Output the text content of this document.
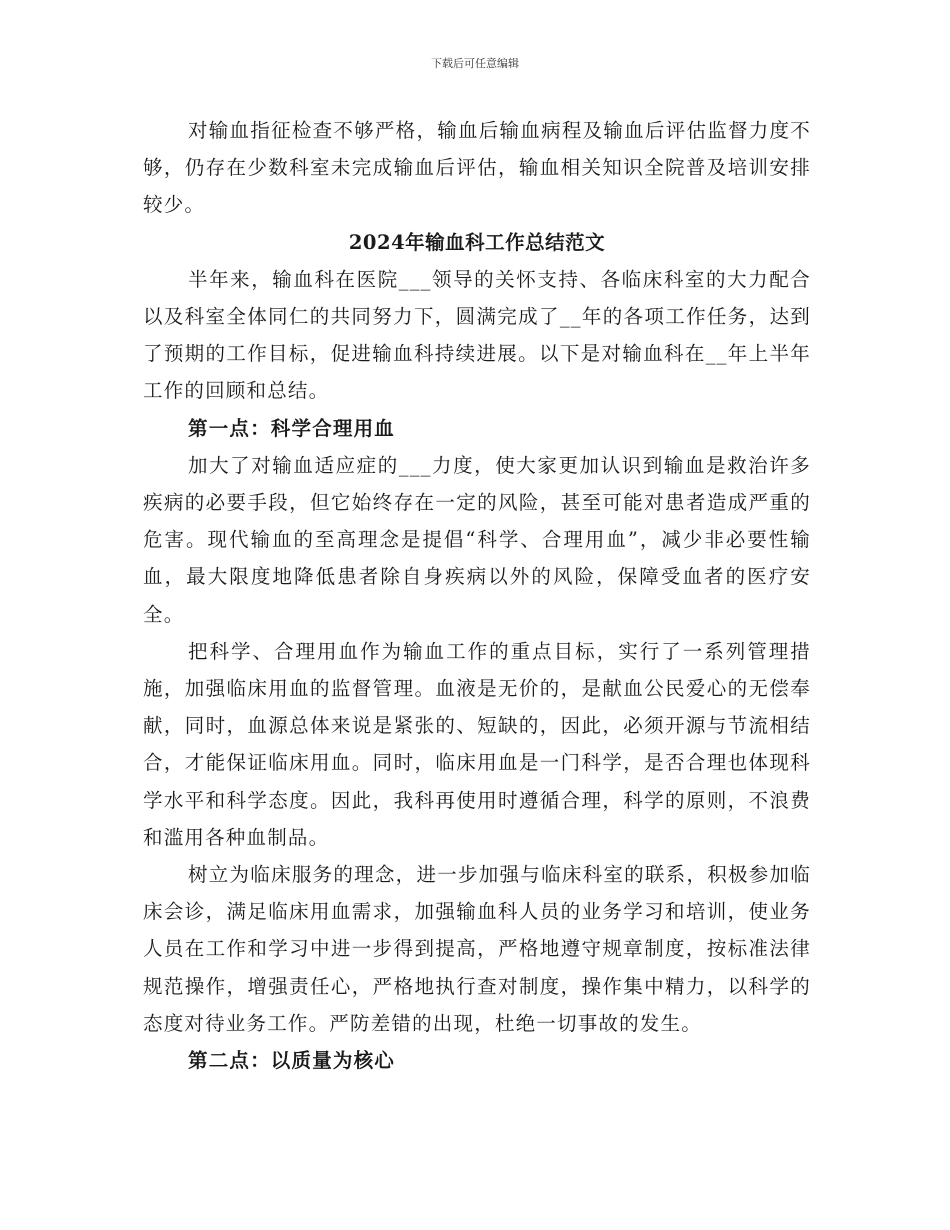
下载后可任意编辑

对输血指征检查不够严格，输血后输血病程及输血后评估监督力度不够，仍存在少数科室未完成输血后评估，输血相关知识全院普及培训安排较少。

2024年输血科工作总结范文

半年来，输血科在医院___领导的关怀支持、各临床科室的大力配合以及科室全体同仁的共同努力下，圆满完成了__年的各项工作任务，达到了预期的工作目标，促进输血科持续进展。以下是对输血科在__年上半年工作的回顾和总结。

第一点：科学合理用血

加大了对输血适应症的___力度，使大家更加认识到输血是救治许多疾病的必要手段，但它始终存在一定的风险，甚至可能对患者造成严重的危害。现代输血的至高理念是提倡“科学、合理用血”，减少非必要性输血，最大限度地降低患者除自身疾病以外的风险，保障受血者的医疗安全。

把科学、合理用血作为输血工作的重点目标，实行了一系列管理措施，加强临床用血的监督管理。血液是无价的，是献血公民爱心的无偿奉献，同时，血源总体来说是紧张的、短缺的，因此，必须开源与节流相结合，才能保证临床用血。同时，临床用血是一门科学，是否合理也体现科学水平和科学态度。因此，我科再使用时遵循合理，科学的原则，不浪费和滥用各种血制品。

树立为临床服务的理念，进一步加强与临床科室的联系，积极参加临床会诊，满足临床用血需求，加强输血科人员的业务学习和培训，使业务人员在工作和学习中进一步得到提高，严格地遵守规章制度，按标准法律规范操作，增强责任心，严格地执行查对制度，操作集中精力，以科学的态度对待业务工作。严防差错的出现，杜绝一切事故的发生。

第二点：以质量为核心
